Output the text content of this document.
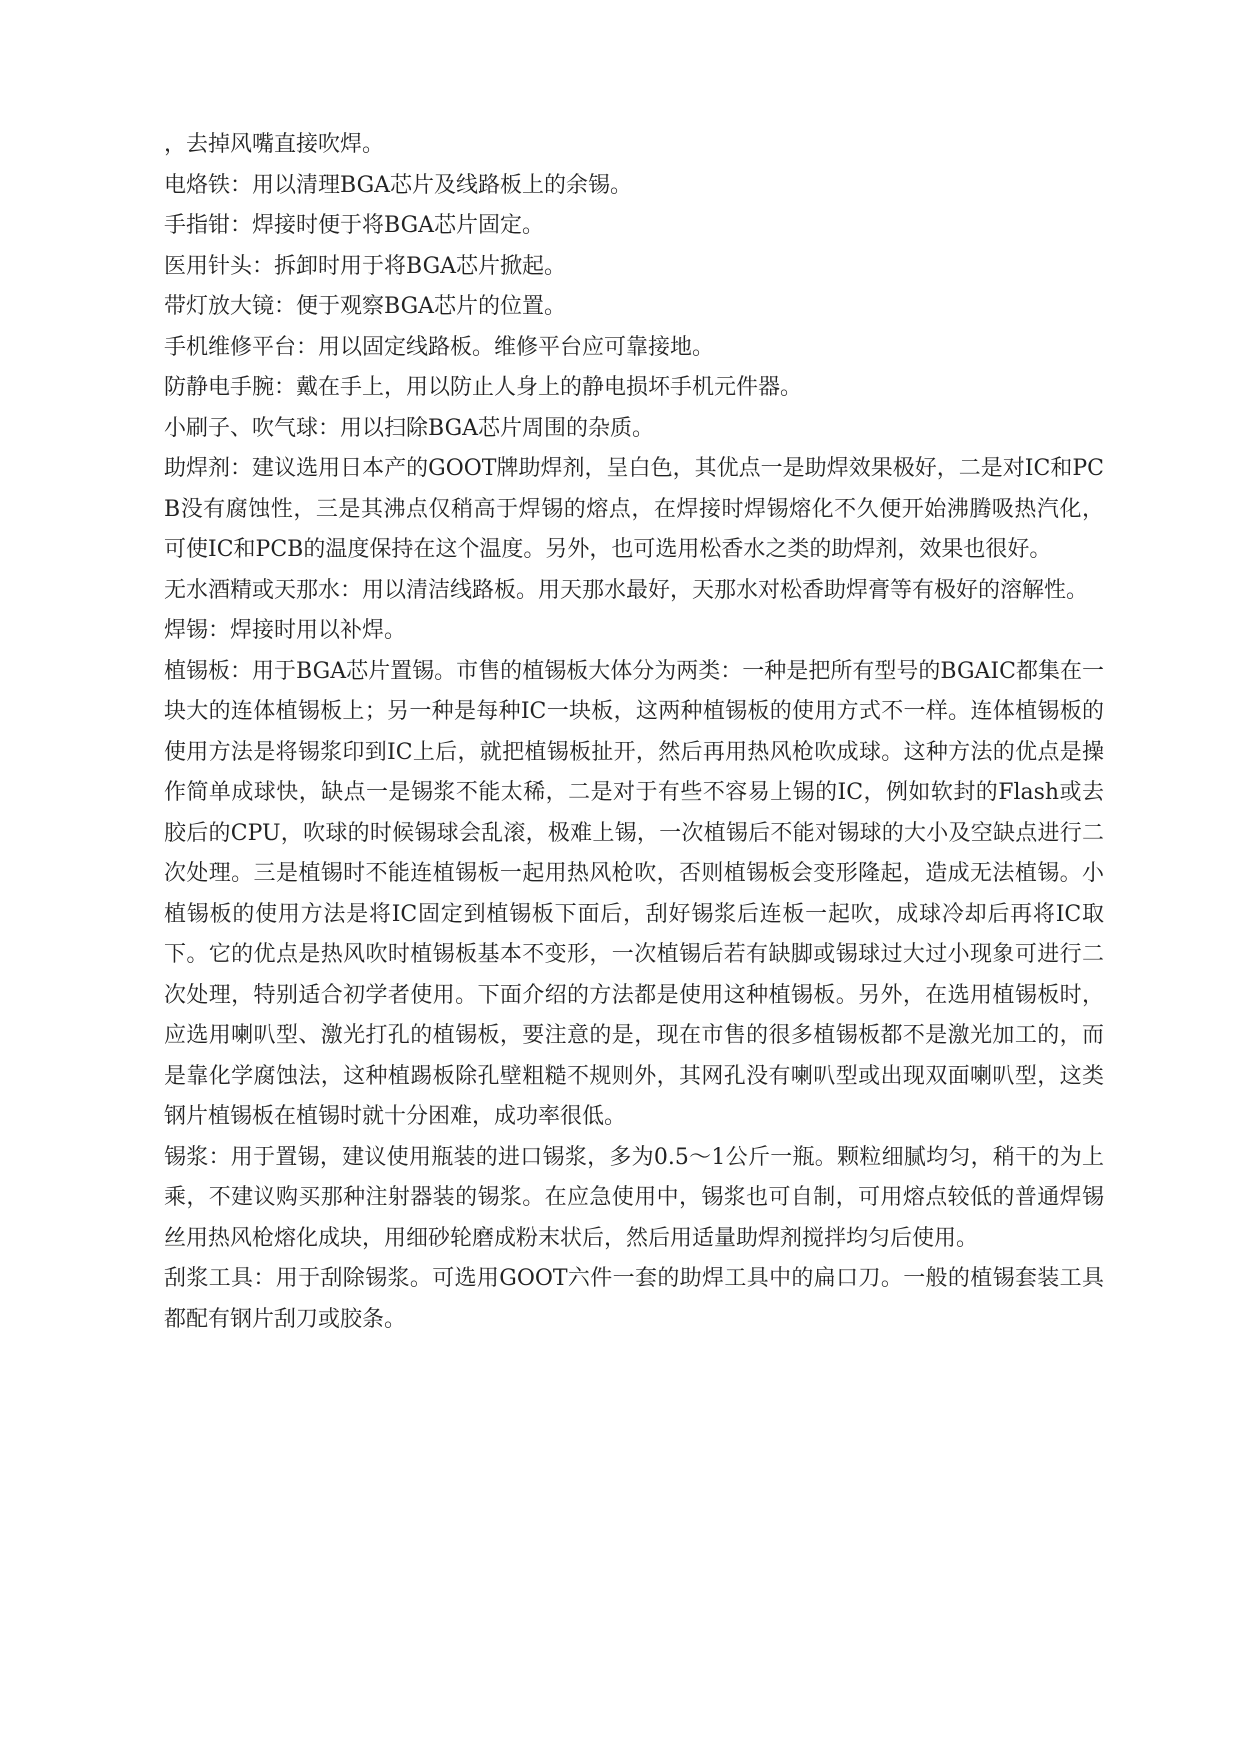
，去掉风嘴直接吹焊。

电烙铁：用以清理BGA芯片及线路板上的余锡。

手指钳：焊接时便于将BGA芯片固定。

医用针头：拆卸时用于将BGA芯片掀起。

带灯放大镜：便于观察BGA芯片的位置。

手机维修平台：用以固定线路板。维修平台应可靠接地。

防静电手腕：戴在手上，用以防止人身上的静电损坏手机元件器。

小刷子、吹气球：用以扫除BGA芯片周围的杂质。

助焊剂：建议选用日本产的GOOT牌助焊剂，呈白色，其优点一是助焊效果极好，二是对IC和PCB没有腐蚀性，三是其沸点仅稍高于焊锡的熔点，在焊接时焊锡熔化不久便开始沸腾吸热汽化，可使IC和PCB的温度保持在这个温度。另外，也可选用松香水之类的助焊剂，效果也很好。

无水酒精或天那水：用以清洁线路板。用天那水最好，天那水对松香助焊膏等有极好的溶解性。

焊锡：焊接时用以补焊。

植锡板：用于BGA芯片置锡。市售的植锡板大体分为两类：一种是把所有型号的BGAIC都集在一块大的连体植锡板上；另一种是每种IC一块板，这两种植锡板的使用方式不一样。连体植锡板的使用方法是将锡浆印到IC上后，就把植锡板扯开，然后再用热风枪吹成球。这种方法的优点是操作简单成球快，缺点一是锡浆不能太稀，二是对于有些不容易上锡的IC，例如软封的Flash或去胶后的CPU，吹球的时候锡球会乱滚，极难上锡，一次植锡后不能对锡球的大小及空缺点进行二次处理。三是植锡时不能连植锡板一起用热风枪吹，否则植锡板会变形隆起，造成无法植锡。小植锡板的使用方法是将IC固定到植锡板下面后，刮好锡浆后连板一起吹，成球冷却后再将IC取下。它的优点是热风吹时植锡板基本不变形，一次植锡后若有缺脚或锡球过大过小现象可进行二次处理，特别适合初学者使用。下面介绍的方法都是使用这种植锡板。另外，在选用植锡板时，应选用喇叭型、激光打孔的植锡板，要注意的是，现在市售的很多植锡板都不是激光加工的，而是靠化学腐蚀法，这种植踢板除孔壁粗糙不规则外，其网孔没有喇叭型或出现双面喇叭型，这类钢片植锡板在植锡时就十分困难，成功率很低。

锡浆：用于置锡，建议使用瓶装的进口锡浆，多为0.5～1公斤一瓶。颗粒细腻均匀，稍干的为上乘，不建议购买那种注射器装的锡浆。在应急使用中，锡浆也可自制，可用熔点较低的普通焊锡丝用热风枪熔化成块，用细砂轮磨成粉末状后，然后用适量助焊剂搅拌均匀后使用。

刮浆工具：用于刮除锡浆。可选用GOOT六件一套的助焊工具中的扁口刀。一般的植锡套装工具都配有钢片刮刀或胶条。
